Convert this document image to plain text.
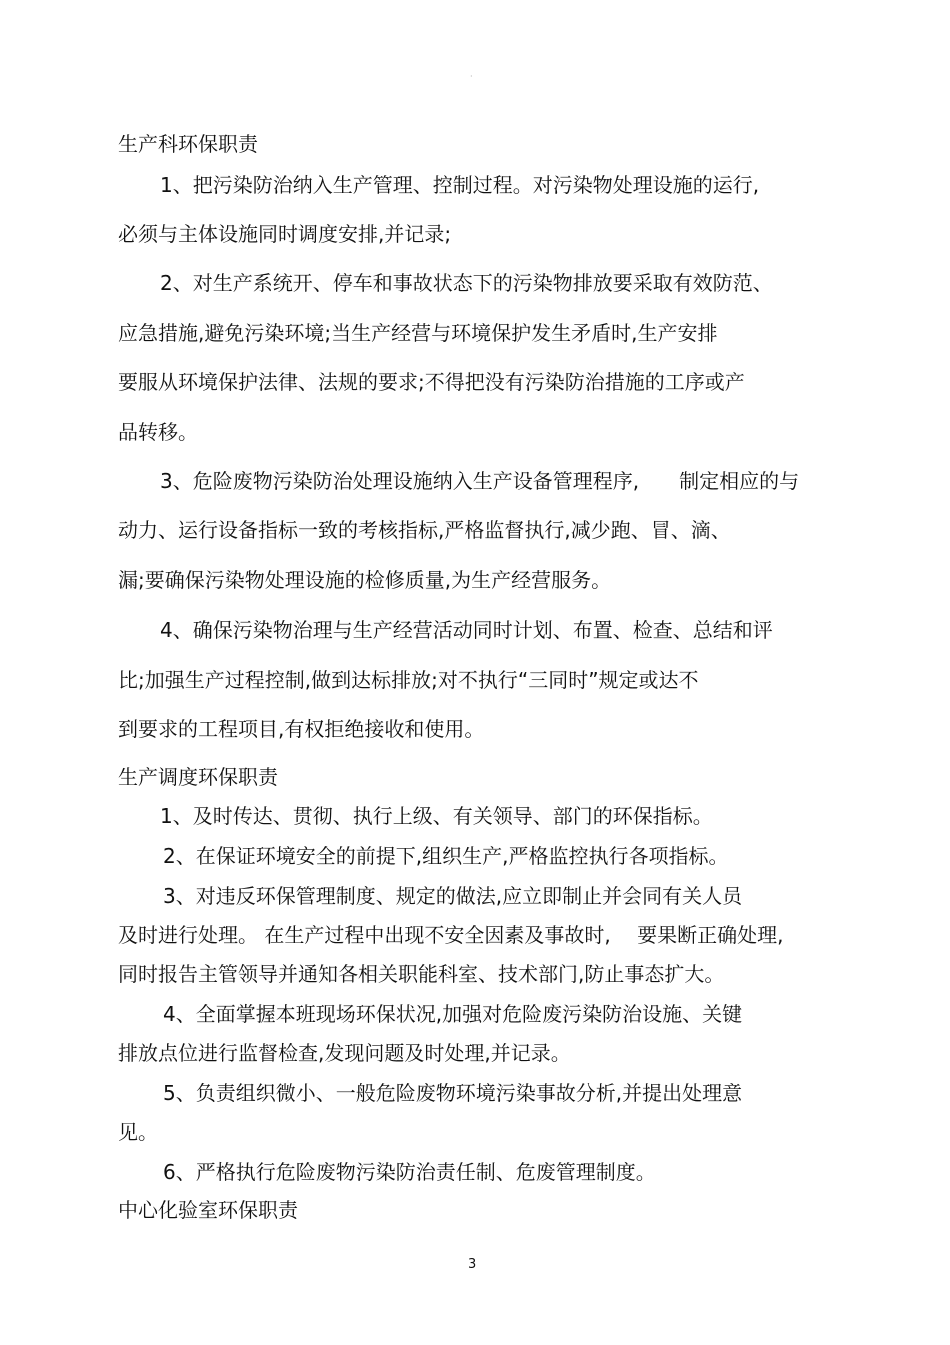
·
生产科环保职责
1、把污染防治纳入生产管理、控制过程。对污染物处理设施的运行,
必须与主体设施同时调度安排,并记录;
2、对生产系统开、停车和事故状态下的污染物排放要采取有效防范、
应急措施,避免污染环境;当生产经营与环境保护发生矛盾时,生产安排
要服从环境保护法律、法规的要求;不得把没有污染防治措施的工序或产
品转移。
3、危险废物污染防治处理设施纳入生产设备管理程序,　　制定相应的与
动力、运行设备指标一致的考核指标,严格监督执行,减少跑、冒、滴、
漏;要确保污染物处理设施的检修质量,为生产经营服务。
4、确保污染物治理与生产经营活动同时计划、布置、检查、总结和评
比;加强生产过程控制,做到达标排放;对不执行“三同时”规定或达不
到要求的工程项目,有权拒绝接收和使用。
生产调度环保职责
1、及时传达、贯彻、执行上级、有关领导、部门的环保指标。
2、在保证环境安全的前提下,组织生产,严格监控执行各项指标。
3、对违反环保管理制度、规定的做法,应立即制止并会同有关人员
及时进行处理。 在生产过程中出现不安全因素及事故时,　 要果断正确处理,
同时报告主管领导并通知各相关职能科室、技术部门,防止事态扩大。
4、全面掌握本班现场环保状况,加强对危险废污染防治设施、关键
排放点位进行监督检查,发现问题及时处理,并记录。
5、负责组织微小、一般危险废物环境污染事故分析,并提出处理意
见。
6、严格执行危险废物污染防治责任制、危废管理制度。
中心化验室环保职责
3
